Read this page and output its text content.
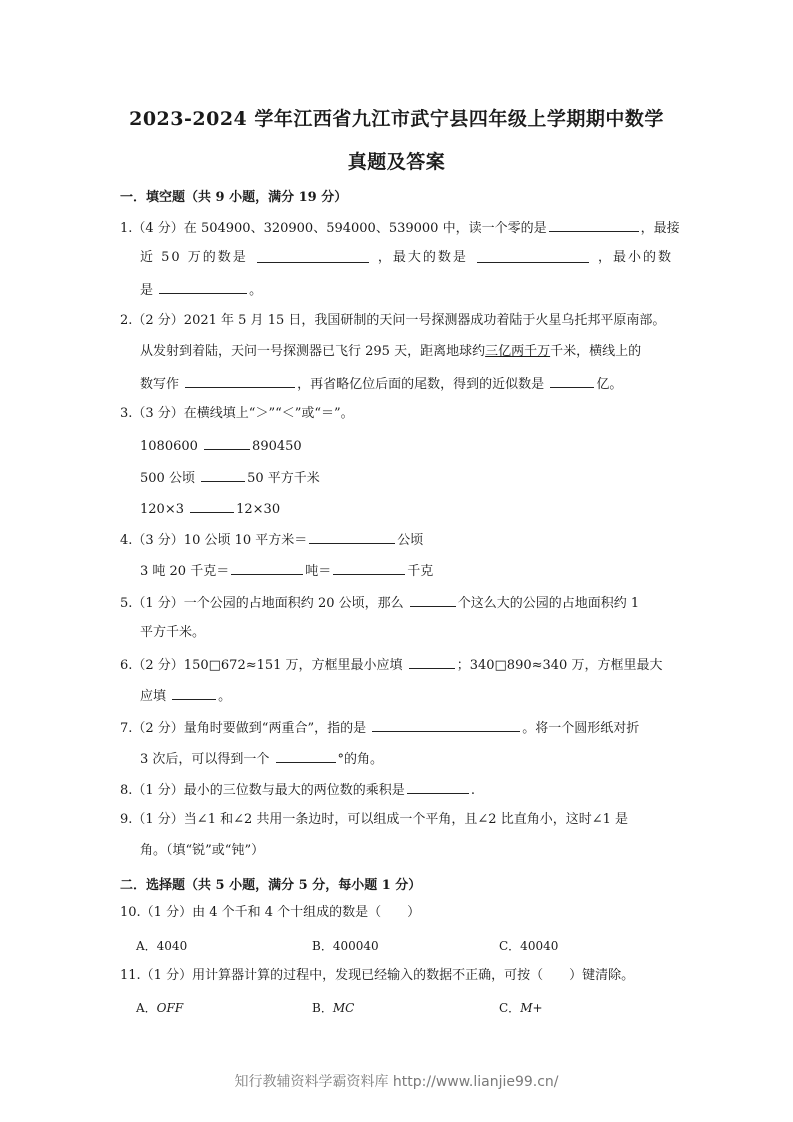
2023-2024 学年江西省九江市武宁县四年级上学期期中数学
真题及答案
一．填空题（共 9 小题，满分 19 分）
1.（4 分）在 504900、320900、594000、539000 中，读一个零的是	，最接
近 50 万的数是	，最大的数是	，最小的数
是	。
2.（2 分）2021 年 5 月 15 日，我国研制的天问一号探测器成功着陆于火星乌托邦平原南部。
从发射到着陆，天问一号探测器已飞行 295 天，距离地球约三亿两千万千米，横线上的
数写作	，再省略亿位后面的尾数，得到的近似数是	亿。
3.（3 分）在横线填上“＞”“＜”或“＝”。
1080600	890450
500 公顷	50 平方千米
120×3	12×30
4.（3 分）10 公顷 10 平方米＝	公顷
3 吨 20 千克＝	吨＝	千克
5.（1 分）一个公园的占地面积约 20 公顷，那么	个这么大的公园的占地面积约 1
平方千米。
6.（2 分）150□672≈151 万，方框里最小应填	；340□890≈340 万，方框里最大
应填	。
7.（2 分）量角时要做到“两重合”，指的是	。将一个圆形纸对折
3 次后，可以得到一个	°的角。
8.（1 分）最小的三位数与最大的两位数的乘积是	.
9.（1 分）当∠1 和∠2 共用一条边时，可以组成一个平角，且∠2 比直角小，这时∠1 是
角。（填“锐”或“钝”）
二．选择题（共 5 小题，满分 5 分，每小题 1 分）
10.（1 分）由 4 个千和 4 个十组成的数是（　　）
A．4040	B．400040	C．40040
11.（1 分）用计算器计算的过程中，发现已经输入的数据不正确，可按（　　）键清除。
A．OFF	B．MC	C．M+
知行教辅资料学霸资料库 http://www.lianjie99.cn/
